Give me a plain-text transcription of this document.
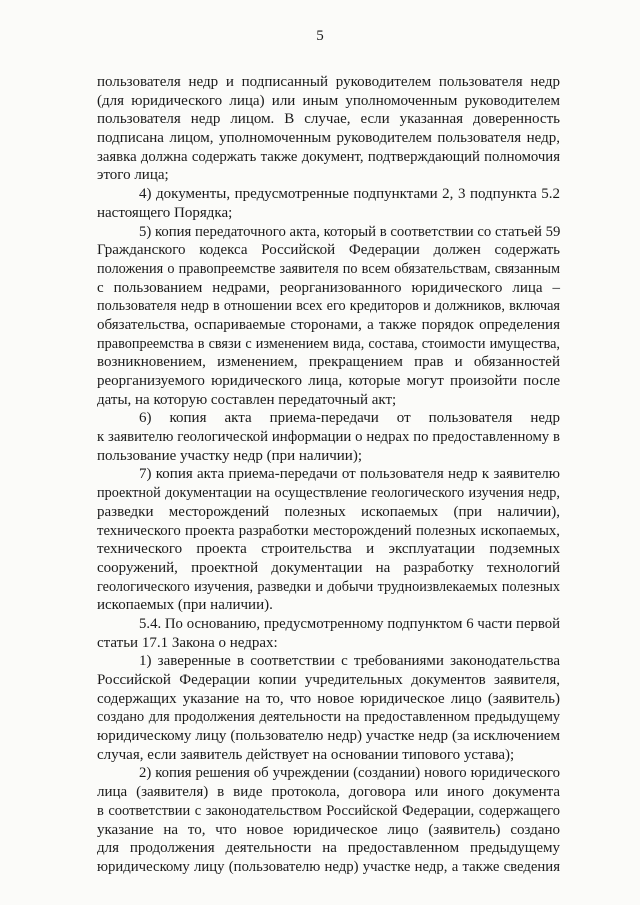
5
пользователя недр и подписанный руководителем пользователя недр
(для юридического лица) или иным уполномоченным руководителем
пользователя недр лицом. В случае, если указанная доверенность
подписана лицом, уполномоченным руководителем пользователя недр,
заявка должна содержать также документ, подтверждающий полномочия
этого лица;
4) документы, предусмотренные подпунктами 2, 3 подпункта 5.2
настоящего Порядка;
5) копия передаточного акта, который в соответствии со статьей 59
Гражданского кодекса Российской Федерации должен содержать
положения о правопреемстве заявителя по всем обязательствам, связанным
с пользованием недрами, реорганизованного юридического лица –
пользователя недр в отношении всех его кредиторов и должников, включая
обязательства, оспариваемые сторонами, а также порядок определения
правопреемства в связи с изменением вида, состава, стоимости имущества,
возникновением, изменением, прекращением прав и обязанностей
реорганизуемого юридического лица, которые могут произойти после
даты, на которую составлен передаточный акт;
6) копия акта приема-передачи от пользователя недр
к заявителю геологической информации о недрах по предоставленному в
пользование участку недр (при наличии);
7) копия акта приема-передачи от пользователя недр к заявителю
проектной документации на осуществление геологического изучения недр,
разведки месторождений полезных ископаемых (при наличии),
технического проекта разработки месторождений полезных ископаемых,
технического проекта строительства и эксплуатации подземных
сооружений, проектной документации на разработку технологий
геологического изучения, разведки и добычи трудноизвлекаемых полезных
ископаемых (при наличии).
5.4. По основанию, предусмотренному подпунктом 6 части первой
статьи 17.1 Закона о недрах:
1) заверенные в соответствии с требованиями законодательства
Российской Федерации копии учредительных документов заявителя,
содержащих указание на то, что новое юридическое лицо (заявитель)
создано для продолжения деятельности на предоставленном предыдущему
юридическому лицу (пользователю недр) участке недр (за исключением
случая, если заявитель действует на основании типового устава);
2) копия решения об учреждении (создании) нового юридического
лица (заявителя) в виде протокола, договора или иного документа
в соответствии с законодательством Российской Федерации, содержащего
указание на то, что новое юридическое лицо (заявитель) создано
для продолжения деятельности на предоставленном предыдущему
юридическому лицу (пользователю недр) участке недр, а также сведения
